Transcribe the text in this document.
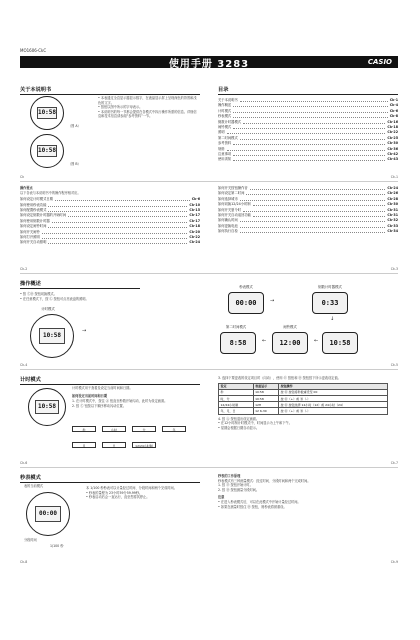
MO1606-CkC
使用手册 3283	CASIO
关于本说明书
10:58
（图 A）
10:58
（图 B）
• 本表通过全息显示器显示数字，在液晶显示屏上呈现深色的背景和浅色的文字。
• 按钮以图中所示的字母表示。
• 本说明书的每一节都会提供在各模式中执行操作所需的信息。详细信息和技术信息请参阅“参考资料”一节。
目录
关于本说明书	Ck-1
操作概述	Ck-4
计时模式	Ck-6
秒表模式	Ck-8
倒数计时器模式	Ck-16
闹铃模式	Ck-18
照明	Ck-22
第二时间模式	Ck-25
参考资料	Ck-30
规格	Ck-36
注意事项	Ck-42
使用须知	Ck-43
Ck	Ck-1
操作要点
以下各表与本说明书中的操作程序相对应。
如何设定计时模式日期	Ck-6
如何使用秒表功能	Ck-10
如何配置秒表模式	Ck-15
如何设定倒数计时器的开始时间	Ck-17
如何使用倒数计时器	Ck-17
如何设定闹铃时间	Ck-18
如何开关闹铃	Ck-20
如何打开照明	Ck-22
如何开关自动照明	Ck-24
如何开关按钮操作音	Ck-24
如何设定第二时间	Ck-26
如何选择城市	Ck-28
如何切换12/24小时制	Ck-30
如何开关夏令时	Ck-31
如何开关自动返回功能	Ck-31
如何确认时间	Ck-32
如何更换电池	Ck-33
如何执行自检	Ck-34
Ck-2	Ck-3
操作概述
• 按 ⒸⒷ 按钮切换模式。
• 在任意模式下，按 Ⓛ 按钮可点亮表盘的照明。
计时模式
10:58
→
秒表模式
00:00	→
倒数计时器模式
0:33
↓
闹铃模式
12:00	←	10:58
←
第二时间模式
8:58
Ck-4	Ck-5
计时模式
10:58
计时模式用于查看及设定当前时间和日期。
如何设定当前时间和日期
1. 在计时模式中，按住 Ⓐ 钮直至秒数开始闪动，此时为设定画面。
2. 按 Ⓒ 钮按以下顺序移动闪动位置。
秒	小时	分	年
月	日	12/24小时制
3. 选择下要更改的设定项目时（闪动），使用 Ⓓ 按钮和 Ⓑ 按钮按下所示更改设定值。
设定	表面显示	按钮操作
秒	10:58	按 Ⓓ 按钮将秒数重设至 00
时，分	10:58	按 Ⓓ（+）或 Ⓑ（-）
12/24小时制	12H	按 Ⓓ 按钮选择 12小时（12）或 24小时（24）
年，月，日	12 6-30	按 Ⓓ（+）或 Ⓑ（-）
4. 按 Ⓐ 按钮退出设定画面。
• 在12小时制计时模式中，时间显示为上午和下午。
• 星期会根据日期自动显示。
Ck-6	Ck-7
秒表模式
表的当前模式
00:00
分段时间
1/100 秒
本 1/100 秒秒表可以计量经过时间、分段时间和两个完成时间。
• 秒表的量程为 23小时59分59.99秒。
• 秒表启动后会一直运行，直至您将其停止。
秒表的工作原理
秒表模式有三种测量模式：经过时间、分段时间和两个完成时间。
1. 按 Ⓓ 按钮开始计时。
2. 按 Ⓑ 按钮测量分段时间。
注意
• 在进入秒表模式后，可以在此模式中开始计量经过时间。
• 如果在测量时按住 Ⓑ 按钮，则秒表将被重设。
Ck-8	Ck-9
